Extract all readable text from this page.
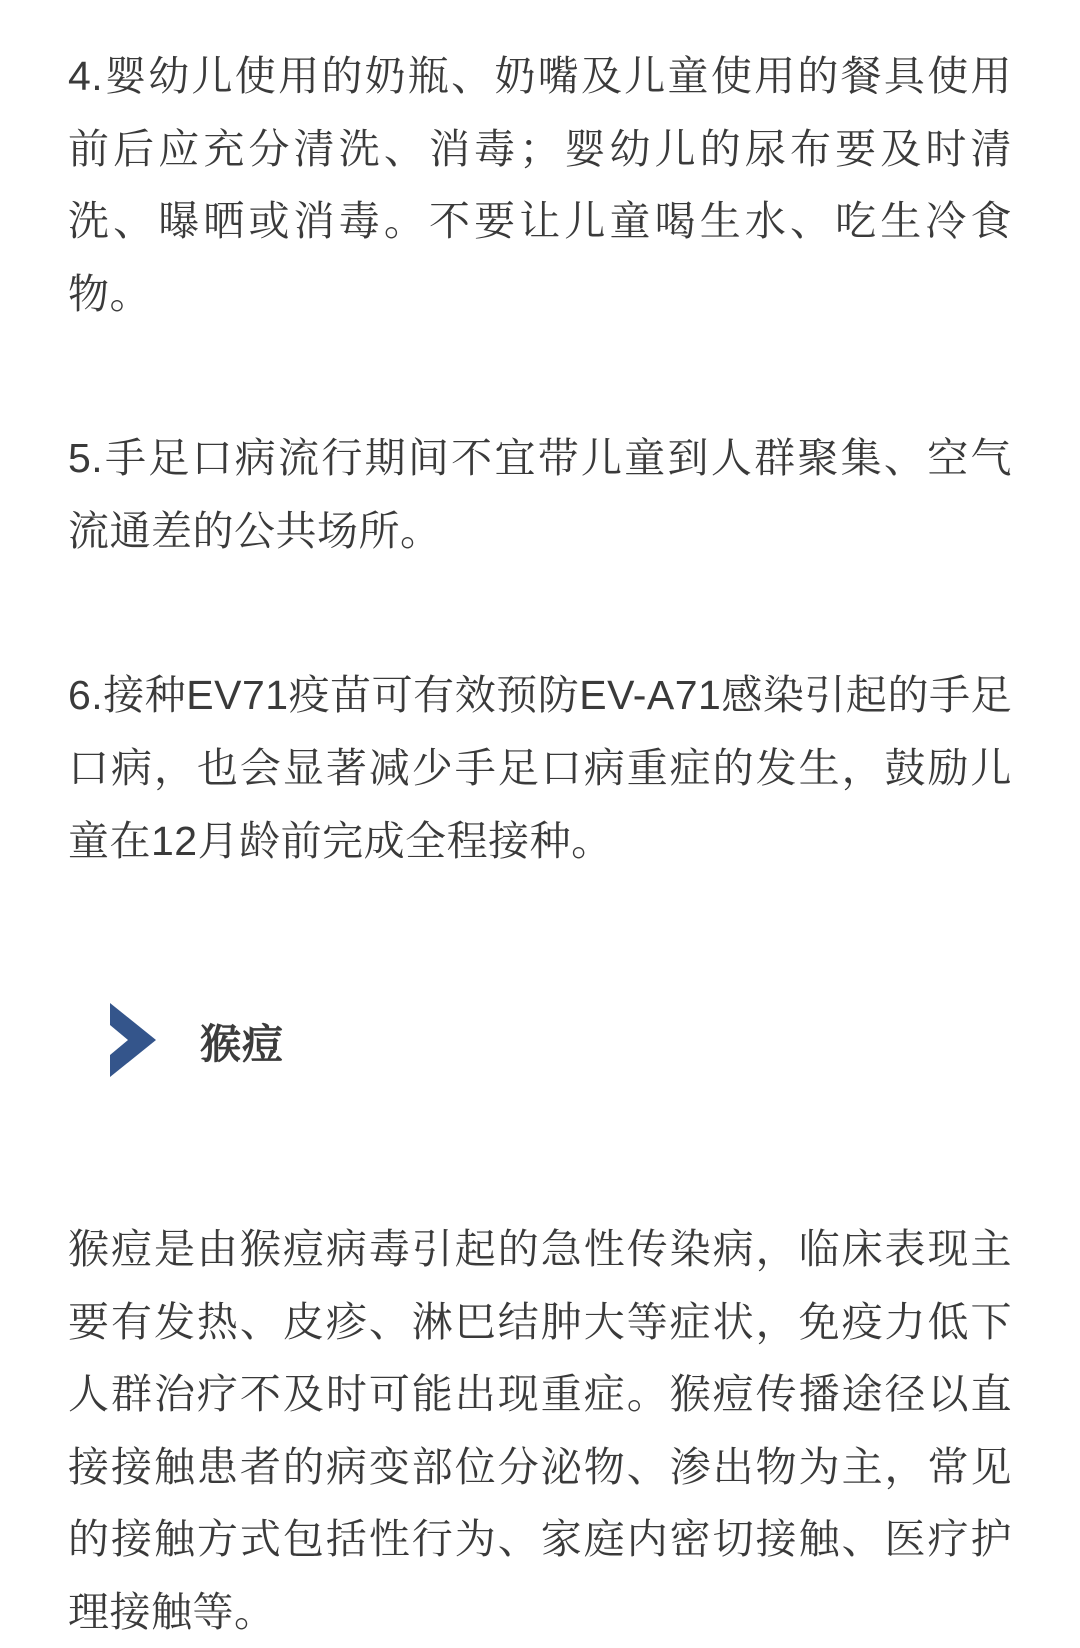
4.婴幼儿使用的奶瓶、奶嘴及儿童使用的餐具使用前后应充分清洗、消毒；婴幼儿的尿布要及时清洗、曝晒或消毒。不要让儿童喝生水、吃生冷食物。

5.手足口病流行期间不宜带儿童到人群聚集、空气流通差的公共场所。

6.接种EV71疫苗可有效预防EV-A71感染引起的手足口病，也会显著减少手足口病重症的发生，鼓励儿童在12月龄前完成全程接种。

猴痘

猴痘是由猴痘病毒引起的急性传染病，临床表现主要有发热、皮疹、淋巴结肿大等症状，免疫力低下人群治疗不及时可能出现重症。猴痘传播途径以直接接触患者的病变部位分泌物、渗出物为主，常见的接触方式包括性行为、家庭内密切接触、医疗护理接触等。
